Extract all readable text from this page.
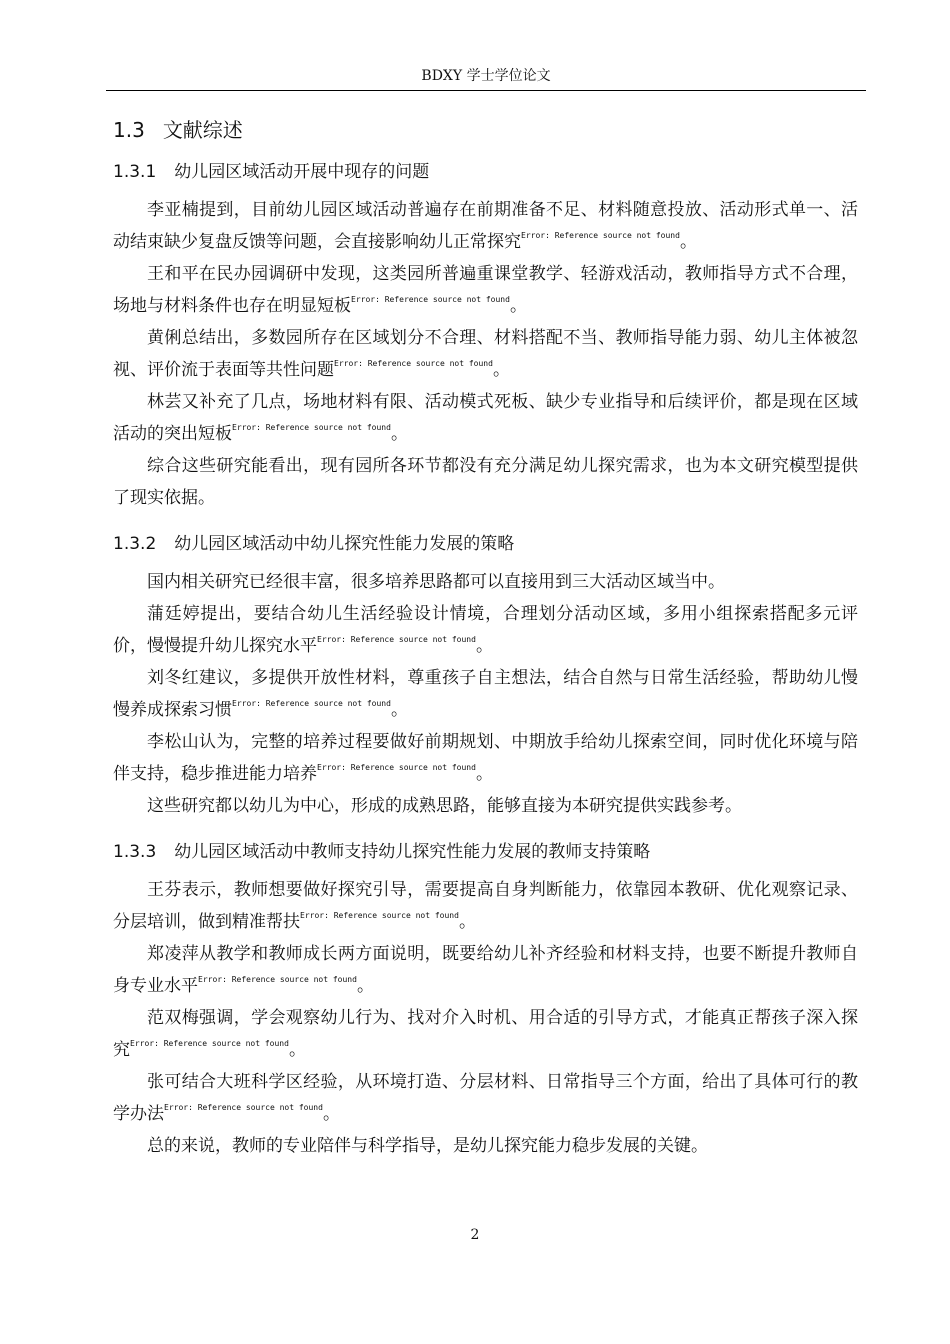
BDXY 学士学位论文
1.3 文献综述
1.3.1 幼儿园区域活动开展中现存的问题

李亚楠提到，目前幼儿园区域活动普遍存在前期准备不足、材料随意投放、活动形式单一、活动结束缺少复盘反馈等问题，会直接影响幼儿正常探究$^{Error: Reference source not found}$。

王和平在民办园调研中发现，这类园所普遍重课堂教学、轻游戏活动，教师指导方式不合理，场地与材料条件也存在明显短板$^{Error: Reference source not found}$。

黄俐总结出，多数园所存在区域划分不合理、材料搭配不当、教师指导能力弱、幼儿主体被忽视、评价流于表面等共性问题$^{Error: Reference source not found}$。

林芸又补充了几点，场地材料有限、活动模式死板、缺少专业指导和后续评价，都是现在区域活动的突出短板$^{Error: Reference source not found}$。

综合这些研究能看出，现有园所各环节都没有充分满足幼儿探究需求，也为本文研究模型提供了现实依据。

1.3.2 幼儿园区域活动中幼儿探究性能力发展的策略

国内相关研究已经很丰富，很多培养思路都可以直接用到三大活动区域当中。

蒲廷婷提出，要结合幼儿生活经验设计情境，合理划分活动区域，多用小组探索搭配多元评价，慢慢提升幼儿探究水平$^{Error: Reference source not found}$。

刘冬红建议，多提供开放性材料，尊重孩子自主想法，结合自然与日常生活经验，帮助幼儿慢慢养成探索习惯$^{Error: Reference source not found}$。

李松山认为，完整的培养过程要做好前期规划、中期放手给幼儿探索空间，同时优化环境与陪伴支持，稳步推进能力培养$^{Error: Reference source not found}$。

这些研究都以幼儿为中心，形成的成熟思路，能够直接为本研究提供实践参考。

1.3.3 幼儿园区域活动中教师支持幼儿探究性能力发展的教师支持策略

王芬表示，教师想要做好探究引导，需要提高自身判断能力，依靠园本教研、优化观察记录、分层培训，做到精准帮扶$^{Error: Reference source not found}$。

郑凌萍从教学和教师成长两方面说明，既要给幼儿补齐经验和材料支持，也要不断提升教师自身专业水平$^{Error: Reference source not found}$。

范双梅强调，学会观察幼儿行为、找对介入时机、用合适的引导方式，才能真正帮孩子深入探究$^{Error: Reference source not found}$。

张可结合大班科学区经验，从环境打造、分层材料、日常指导三个方面，给出了具体可行的教学办法$^{Error: Reference source not found}$。

总的来说，教师的专业陪伴与科学指导，是幼儿探究能力稳步发展的关键。

2
